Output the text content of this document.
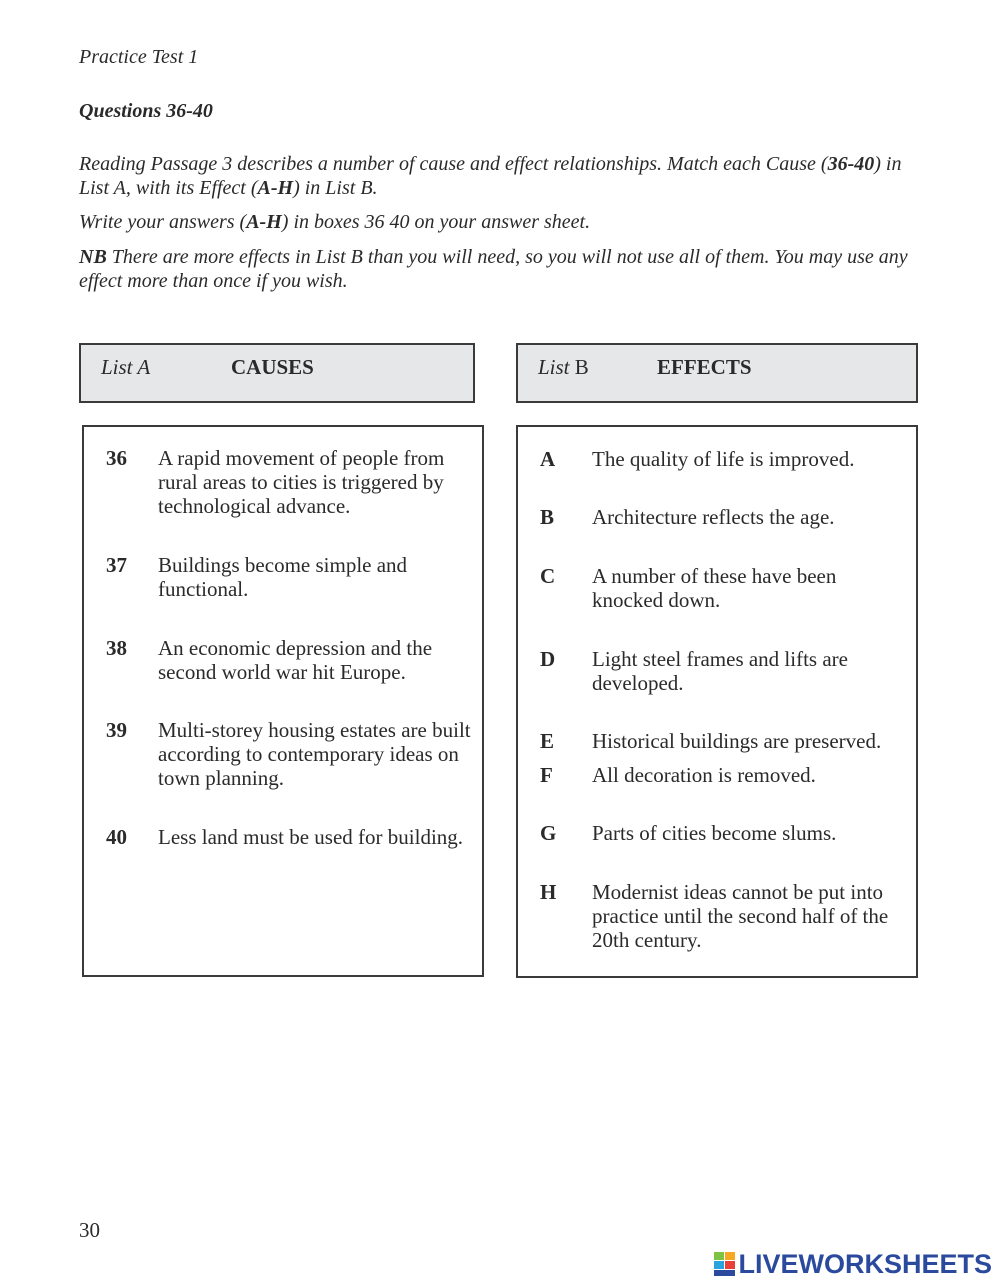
Practice Test 1
Questions 36-40
Reading Passage 3 describes a number of cause and effect relationships. Match each Cause (36-40) in List A, with its Effect (A-H) in List B.
Write your answers (A-H) in boxes 36 40 on your answer sheet.
NB There are more effects in List B than you will need, so you will not use all of them. You may use any effect more than once if you wish.
List A	CAUSES	List B	EFFECTS
36 A rapid movement of people from rural areas to cities is triggered by technological advance.
37 Buildings become simple and functional.
38 An economic depression and the second world war hit Europe.
39 Multi-storey housing estates are built according to contemporary ideas on town planning.
40 Less land must be used for building.
A The quality of life is improved.
B Architecture reflects the age.
C A number of these have been knocked down.
D Light steel frames and lifts are developed.
E Historical buildings are preserved.
F All decoration is removed.
G Parts of cities become slums.
H Modernist ideas cannot be put into practice until the second half of the 20th century.
30
LIVEWORKSHEETS
